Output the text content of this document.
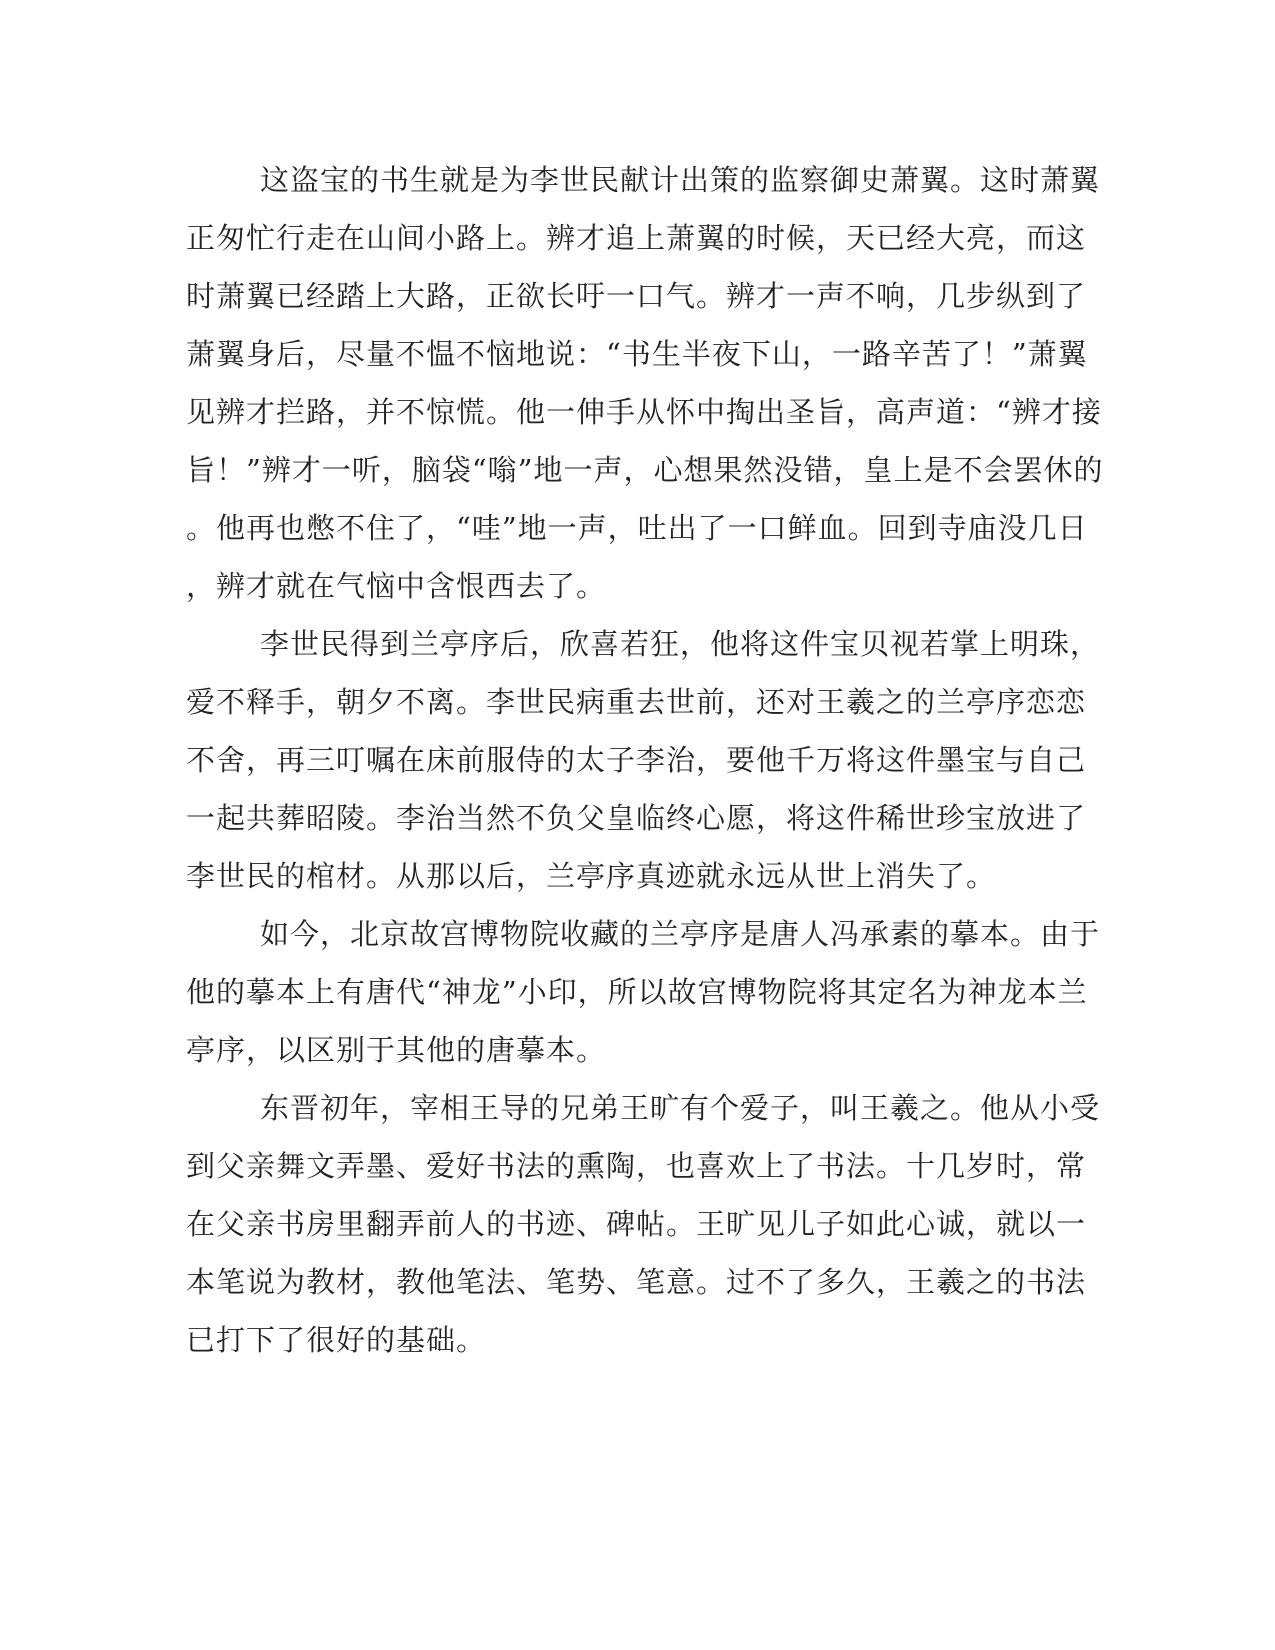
这盗宝的书生就是为李世民献计出策的监察御史萧翼。这时萧翼
正匆忙行走在山间小路上。辨才追上萧翼的时候，天已经大亮，而这
时萧翼已经踏上大路，正欲长吁一口气。辨才一声不响，几步纵到了
萧翼身后，尽量不愠不恼地说：“书生半夜下山，一路辛苦了！”萧翼
见辨才拦路，并不惊慌。他一伸手从怀中掏出圣旨，高声道：“辨才接
旨！”辨才一听，脑袋“嗡”地一声，心想果然没错，皇上是不会罢休的
。他再也憋不住了，“哇”地一声，吐出了一口鲜血。回到寺庙没几日
，辨才就在气恼中含恨西去了。
李世民得到兰亭序后，欣喜若狂，他将这件宝贝视若掌上明珠，
爱不释手，朝夕不离。李世民病重去世前，还对王羲之的兰亭序恋恋
不舍，再三叮嘱在床前服侍的太子李治，要他千万将这件墨宝与自己
一起共葬昭陵。李治当然不负父皇临终心愿，将这件稀世珍宝放进了
李世民的棺材。从那以后，兰亭序真迹就永远从世上消失了。
如今，北京故宫博物院收藏的兰亭序是唐人冯承素的摹本。由于
他的摹本上有唐代“神龙”小印，所以故宫博物院将其定名为神龙本兰
亭序，以区别于其他的唐摹本。
东晋初年，宰相王导的兄弟王旷有个爱子，叫王羲之。他从小受
到父亲舞文弄墨、爱好书法的熏陶，也喜欢上了书法。十几岁时，常
在父亲书房里翻弄前人的书迹、碑帖。王旷见儿子如此心诚，就以一
本笔说为教材，教他笔法、笔势、笔意。过不了多久，王羲之的书法
已打下了很好的基础。
